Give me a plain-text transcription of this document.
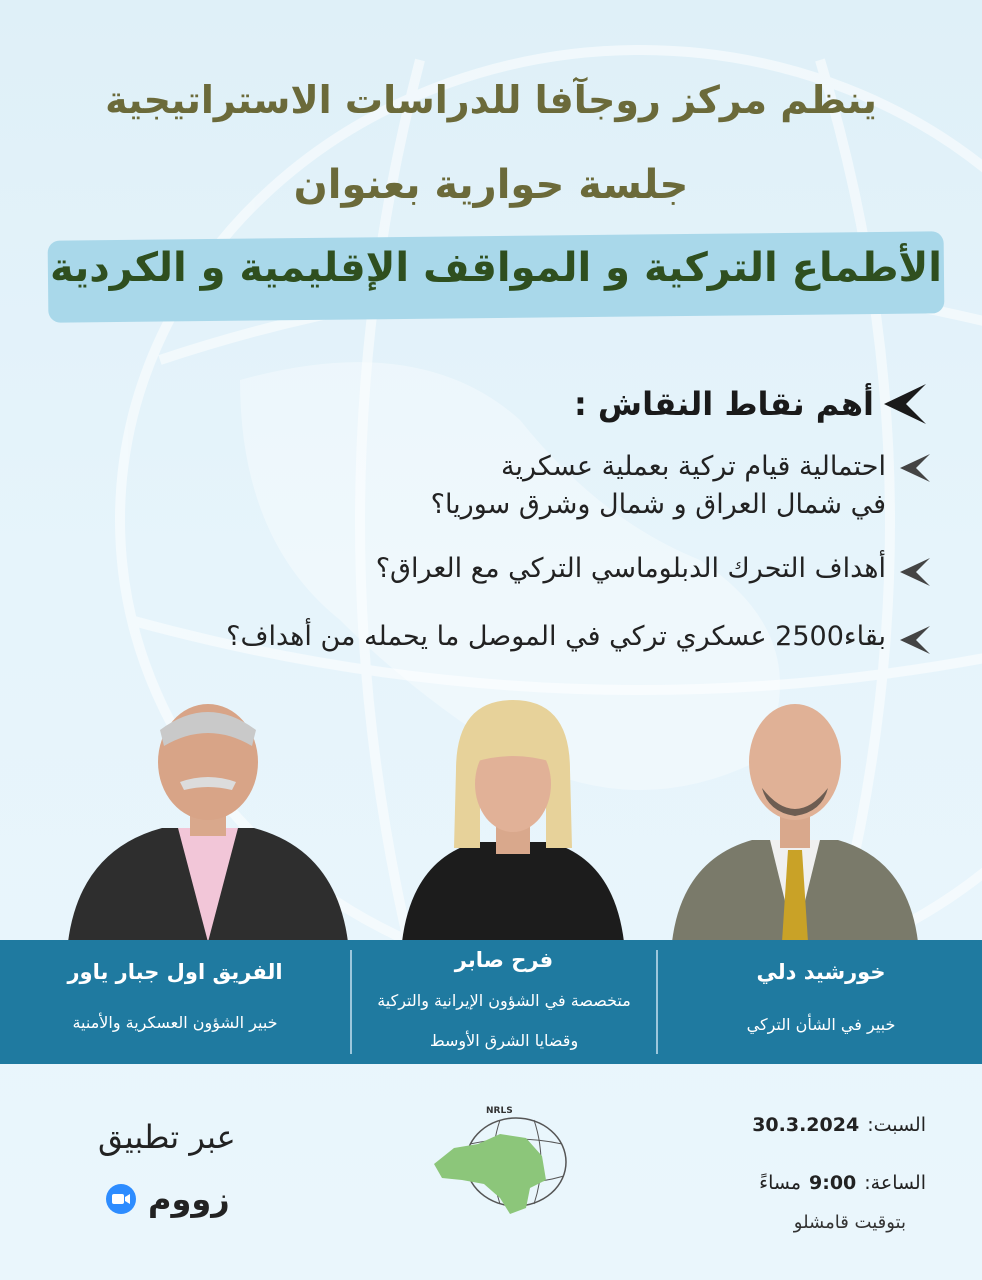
ينظم مركز روجآفا للدراسات الاستراتيجية
جلسة حوارية بعنوان
الأطماع التركية و المواقف الإقليمية و الكردية
أهم نقاط النقاش :
احتمالية قيام تركية بعملية عسكرية
في شمال العراق و شمال وشرق سوريا؟
أهداف التحرك الدبلوماسي التركي مع العراق؟
بقاء2500 عسكري تركي في الموصل ما يحمله من أهداف؟
خورشيد دلي
خبير في الشأن التركي
فرح صابر
متخصصة في الشؤون الإيرانية والتركية
وقضايا الشرق الأوسط
الفريق اول جبار ياور
خبير الشؤون العسكرية والأمنية
السبت:
30.3.2024
الساعة:
9:00
مساءً
بتوقيت قامشلو
NRLS
عبر تطبيق
زووم
